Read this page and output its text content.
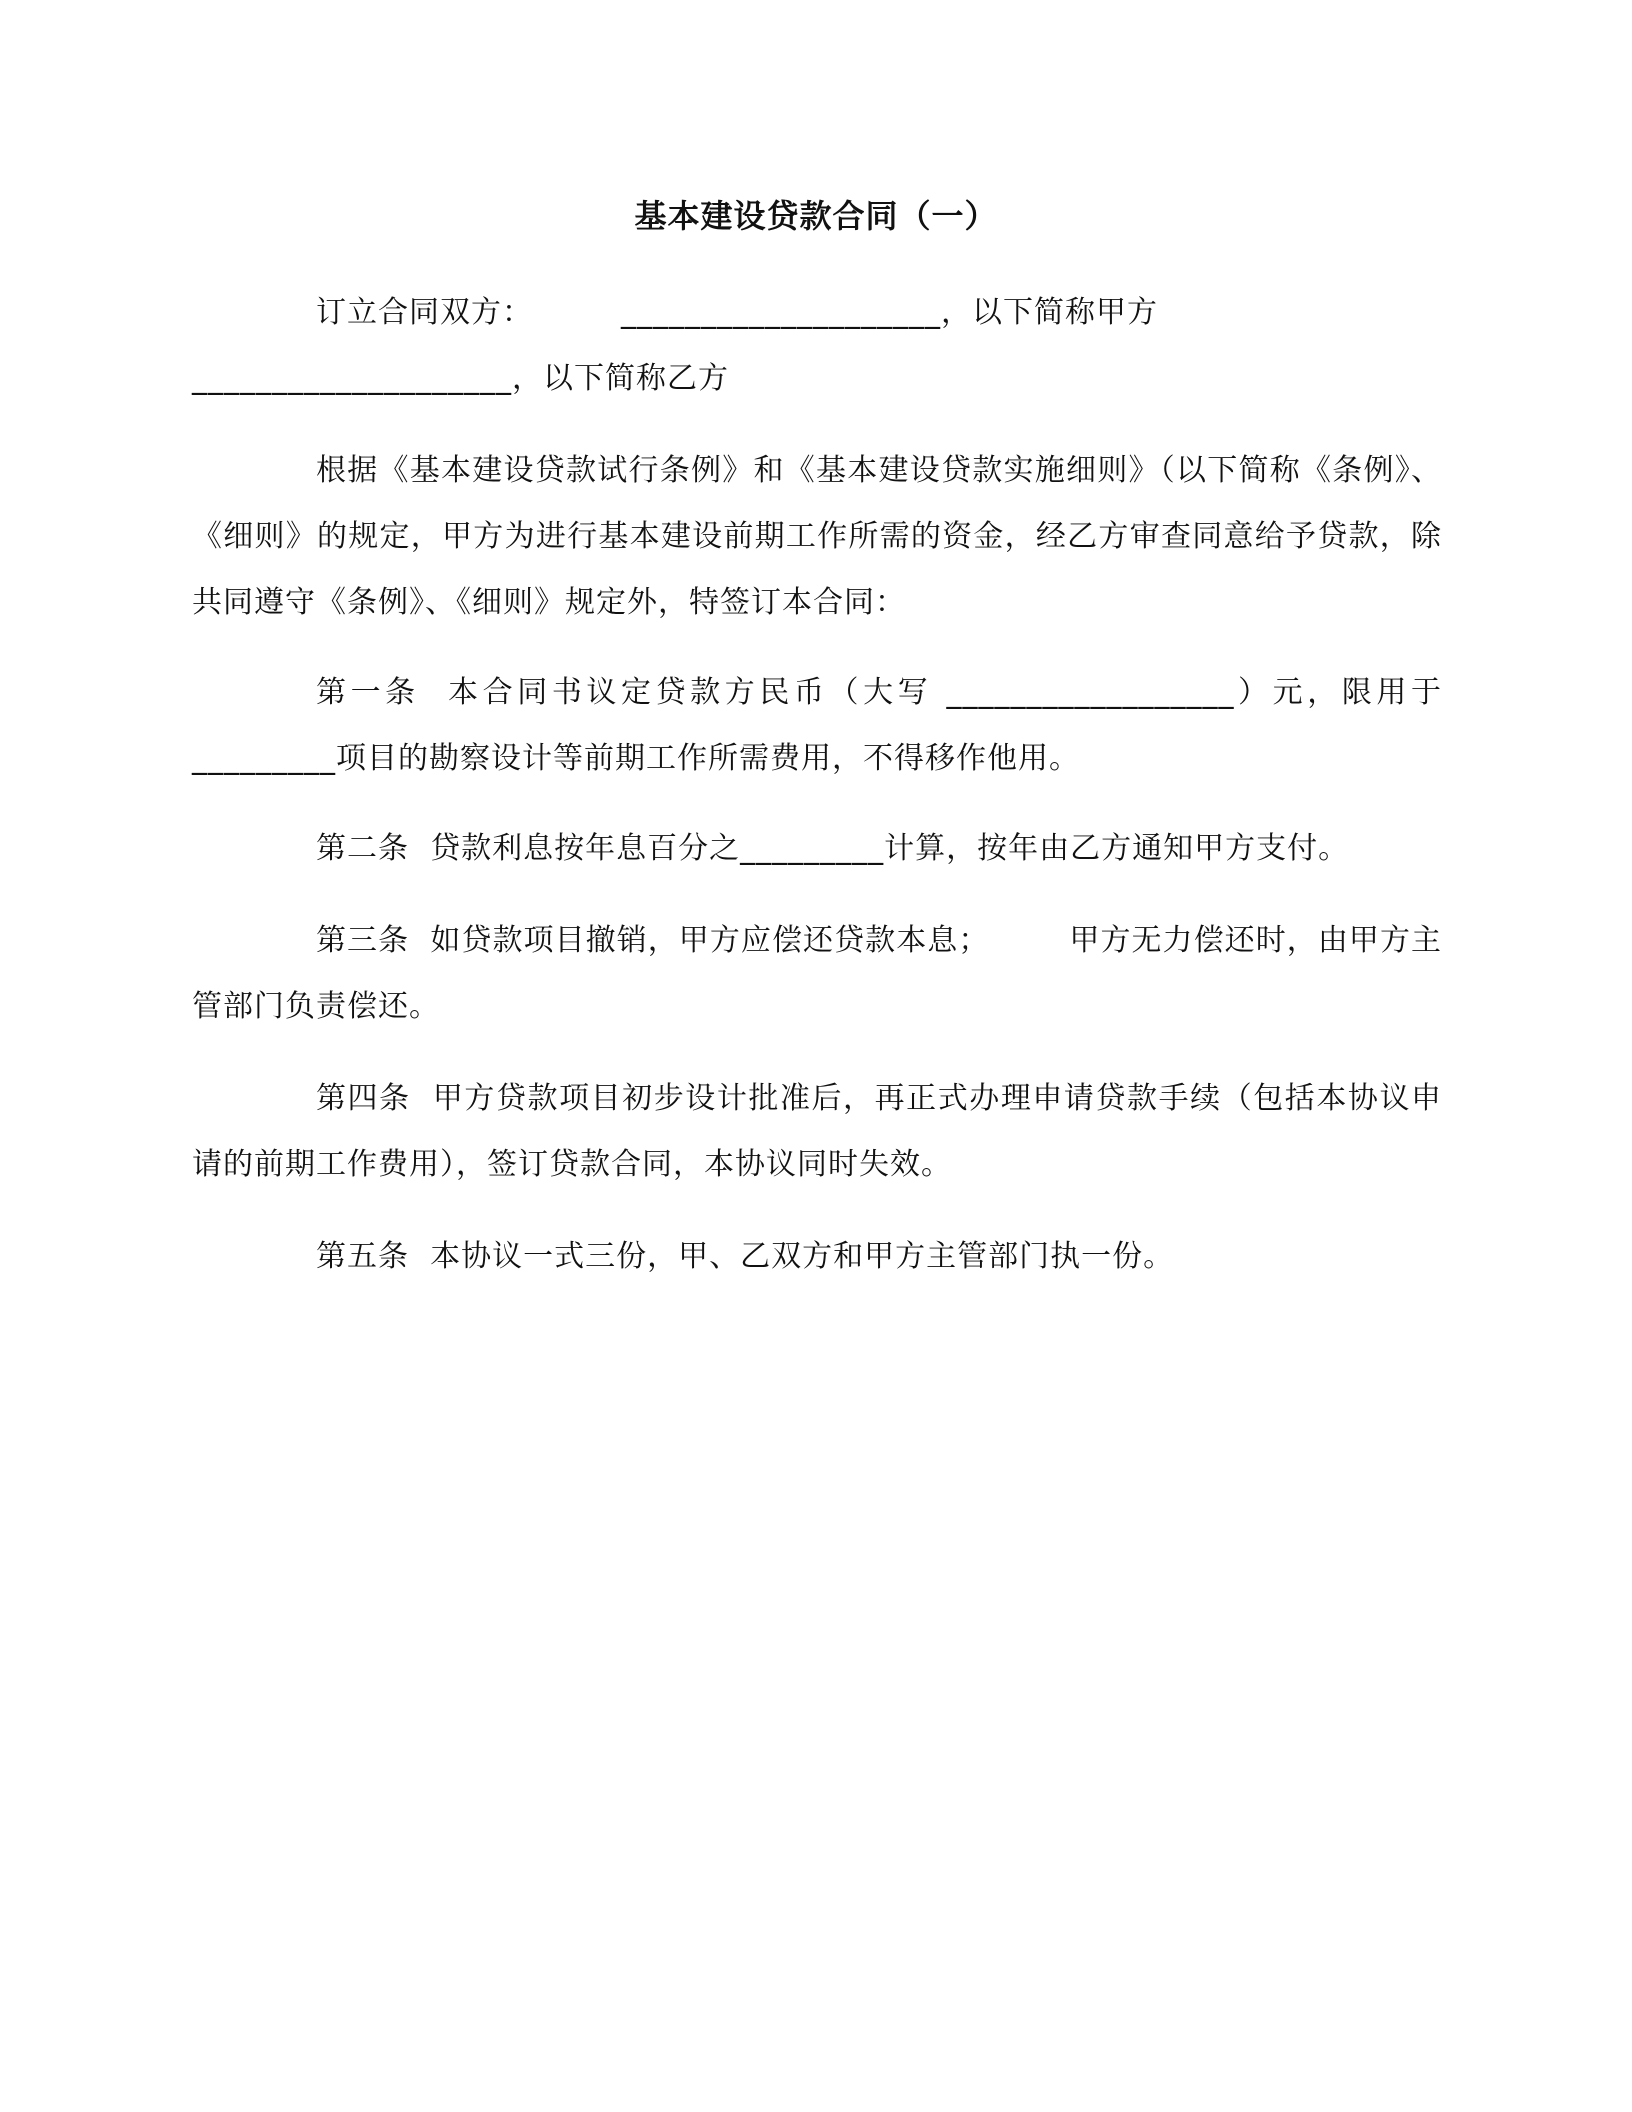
基本建设贷款合同（一）

订立合同双方：	____________________，以下简称甲方

____________________，以下简称乙方

根据《基本建设贷款试行条例》和《基本建设贷款实施细则》（以下简称《条例》、《细则》的规定，甲方为进行基本建设前期工作所需的资金，经乙方审查同意给予贷款，除共同遵守《条例》、《细则》规定外，特签订本合同：

第一条 本合同书议定贷款方民币（大写 __________________）元，限用于_________项目的勘察设计等前期工作所需费用，不得移作他用。

第二条 贷款利息按年息百分之_________计算，按年由乙方通知甲方支付。

第三条 如贷款项目撤销，甲方应偿还贷款本息；	甲方无力偿还时，由甲方主管部门负责偿还。

第四条 甲方贷款项目初步设计批准后，再正式办理申请贷款手续（包括本协议申请的前期工作费用），签订贷款合同，本协议同时失效。

第五条 本协议一式三份，甲、乙双方和甲方主管部门执一份。
